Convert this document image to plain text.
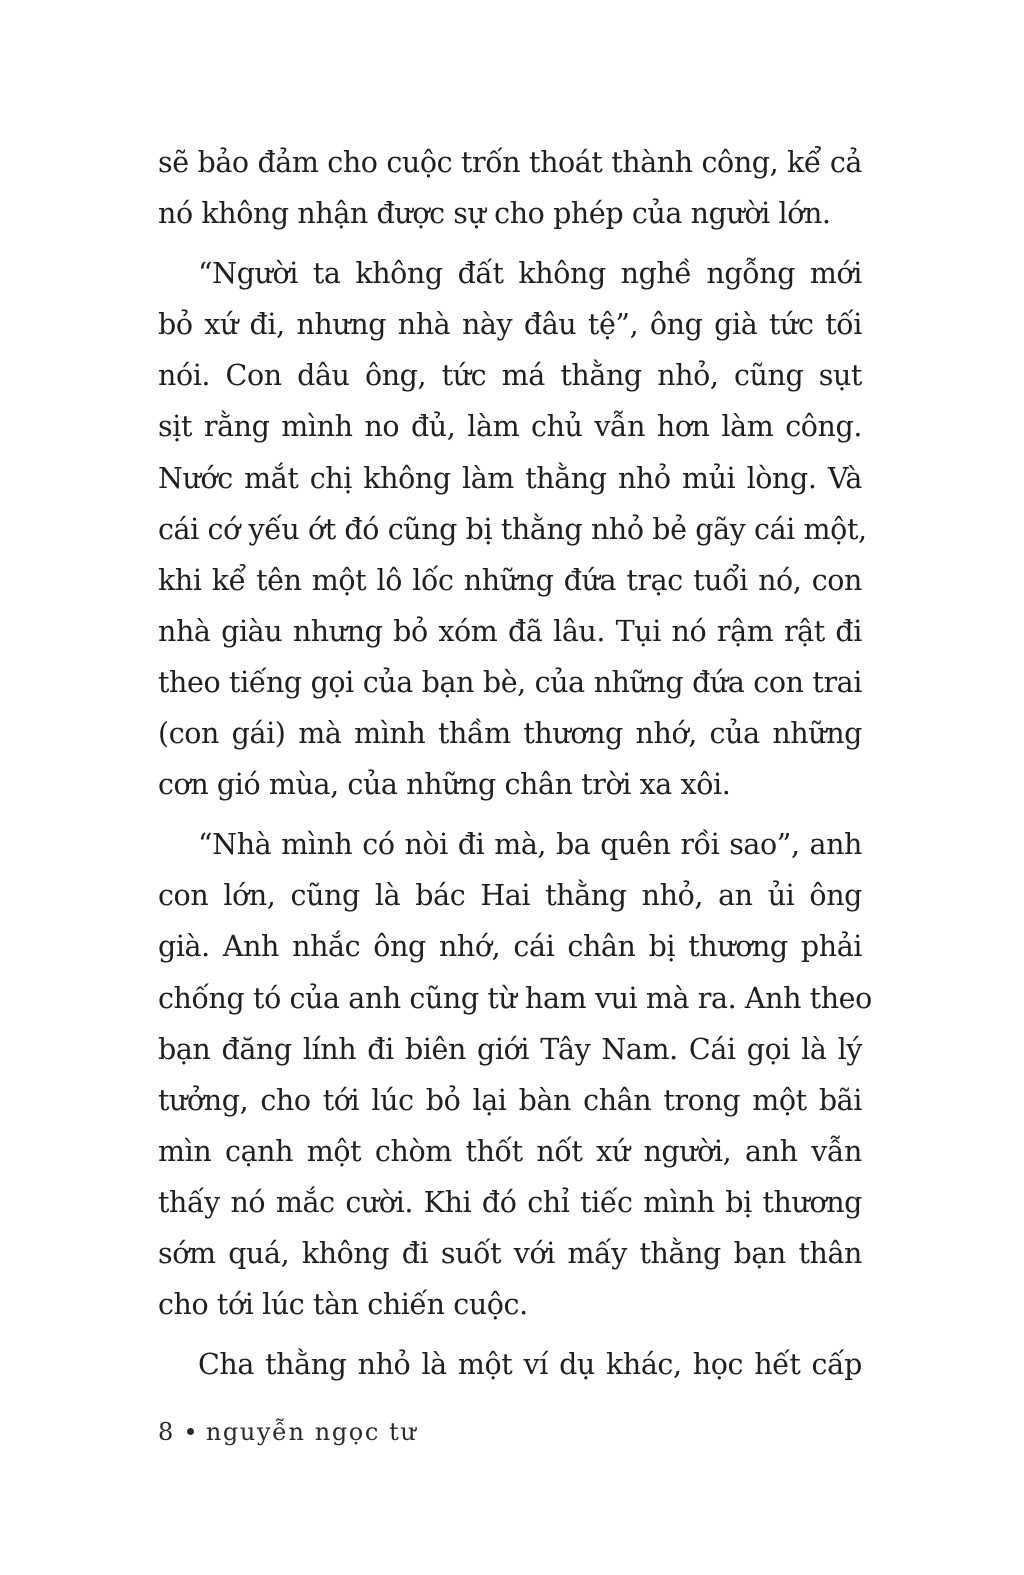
sẽ bảo đảm cho cuộc trốn thoát thành công, kể cả
nó không nhận được sự cho phép của người lớn.
“Người ta không đất không nghề ngỗng mới
bỏ xứ đi, nhưng nhà này đâu tệ”, ông già tức tối
nói. Con dâu ông, tức má thằng nhỏ, cũng sụt
sịt rằng mình no đủ, làm chủ vẫn hơn làm công.
Nước mắt chị không làm thằng nhỏ mủi lòng. Và
cái cớ yếu ớt đó cũng bị thằng nhỏ bẻ gãy cái một,
khi kể tên một lô lốc những đứa trạc tuổi nó, con
nhà giàu nhưng bỏ xóm đã lâu. Tụi nó rậm rật đi
theo tiếng gọi của bạn bè, của những đứa con trai
(con gái) mà mình thầm thương nhớ, của những
cơn gió mùa, của những chân trời xa xôi.
“Nhà mình có nòi đi mà, ba quên rồi sao”, anh
con lớn, cũng là bác Hai thằng nhỏ, an ủi ông
già. Anh nhắc ông nhớ, cái chân bị thương phải
chống tó của anh cũng từ ham vui mà ra. Anh theo
bạn đăng lính đi biên giới Tây Nam. Cái gọi là lý
tưởng, cho tới lúc bỏ lại bàn chân trong một bãi
mìn cạnh một chòm thốt nốt xứ người, anh vẫn
thấy nó mắc cười. Khi đó chỉ tiếc mình bị thương
sớm quá, không đi suốt với mấy thằng bạn thân
cho tới lúc tàn chiến cuộc.
Cha thằng nhỏ là một ví dụ khác, học hết cấp
8 nguyễn ngọc tư
